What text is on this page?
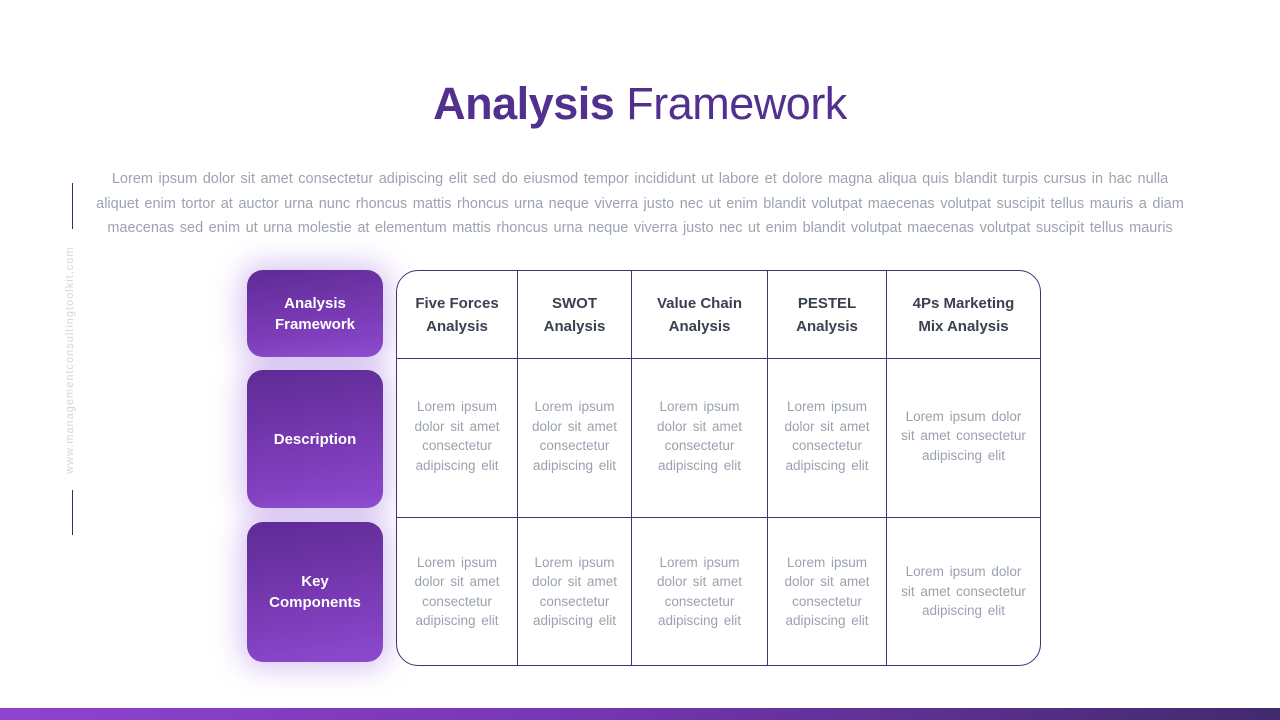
Analysis Framework
Lorem ipsum dolor sit amet consectetur adipiscing elit sed do eiusmod tempor incididunt ut labore et dolore magna aliqua quis blandit turpis cursus in hac nulla
aliquet enim tortor at auctor urna nunc rhoncus mattis rhoncus urna neque viverra justo nec ut enim blandit volutpat maecenas volutpat suscipit tellus mauris a diam
maecenas sed enim ut urna molestie at elementum mattis rhoncus urna neque viverra justo nec ut enim blandit volutpat maecenas volutpat suscipit tellus mauris
www.managementconsultingtoolkit.com	Analysis Framework
Description
Key Components
Five Forces Analysis
SWOT Analysis
Value Chain Analysis
PESTEL Analysis
4Ps Marketing Mix Analysis
Lorem ipsum dolor sit amet consectetur adipiscing elit
Lorem ipsum dolor sit amet consectetur adipiscing elit
Lorem ipsum dolor sit amet consectetur adipiscing elit
Lorem ipsum dolor sit amet consectetur adipiscing elit
Lorem ipsum dolor sit amet consectetur adipiscing elit
Lorem ipsum dolor sit amet consectetur adipiscing elit
Lorem ipsum dolor sit amet consectetur adipiscing elit
Lorem ipsum dolor sit amet consectetur adipiscing elit
Lorem ipsum dolor sit amet consectetur adipiscing elit
Lorem ipsum dolor sit amet consectetur adipiscing elit
